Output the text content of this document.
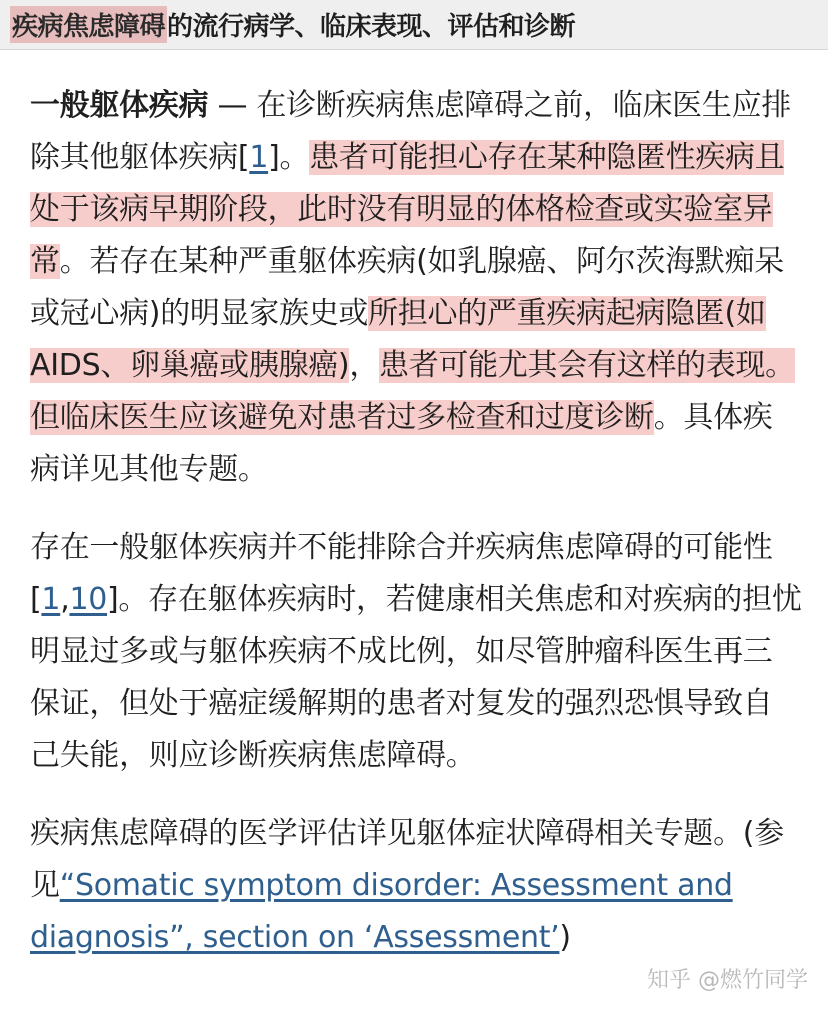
疾病焦虑障碍 的流行病学、临床表现、评估和诊断

一般躯体疾病 — 在诊断疾病焦虑障碍之前，临床医生应排除其他躯体疾病[1]。患者可能担心存在某种隐匿性疾病且处于该病早期阶段，此时没有明显的体格检查或实验室异常。若存在某种严重躯体疾病(如乳腺癌、阿尔茨海默痴呆或冠心病)的明显家族史或所担心的严重疾病起病隐匿(如AIDS、卵巢癌或胰腺癌)，患者可能尤其会有这样的表现。但临床医生应该避免对患者过多检查和过度诊断。具体疾病详见其他专题。

存在一般躯体疾病并不能排除合并疾病焦虑障碍的可能性[1,10]。存在躯体疾病时，若健康相关焦虑和对疾病的担忧明显过多或与躯体疾病不成比例，如尽管肿瘤科医生再三保证，但处于癌症缓解期的患者对复发的强烈恐惧导致自己失能，则应诊断疾病焦虑障碍。

疾病焦虑障碍的医学评估详见躯体症状障碍相关专题。(参见“Somatic symptom disorder: Assessment and diagnosis”, section on ‘Assessment’)

知乎 @燃竹同学
